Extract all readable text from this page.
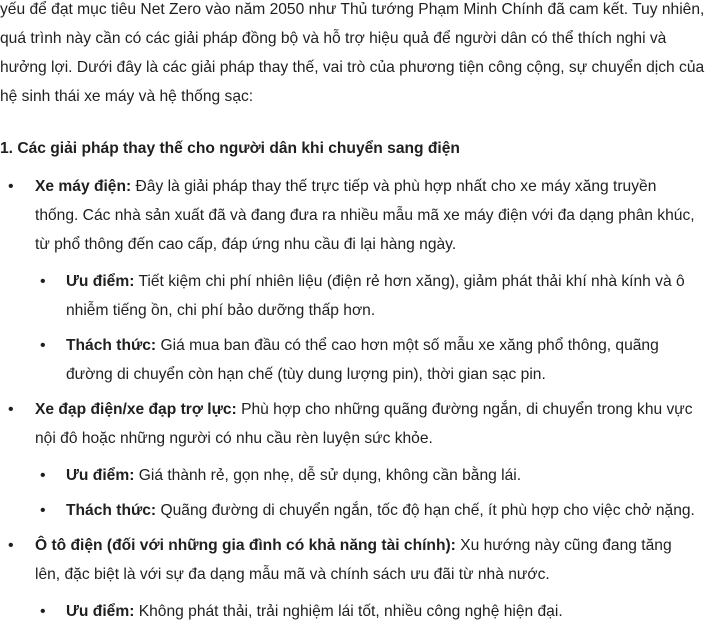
yếu để đạt mục tiêu Net Zero vào năm 2050 như Thủ tướng Phạm Minh Chính đã cam kết. Tuy nhiên, quá trình này cần có các giải pháp đồng bộ và hỗ trợ hiệu quả để người dân có thể thích nghi và hưởng lợi. Dưới đây là các giải pháp thay thế, vai trò của phương tiện công cộng, sự chuyển dịch của hệ sinh thái xe máy và hệ thống sạc:

1. Các giải pháp thay thế cho người dân khi chuyển sang điện

• Xe máy điện: Đây là giải pháp thay thế trực tiếp và phù hợp nhất cho xe máy xăng truyền thống. Các nhà sản xuất đã và đang đưa ra nhiều mẫu mã xe máy điện với đa dạng phân khúc, từ phổ thông đến cao cấp, đáp ứng nhu cầu đi lại hàng ngày.
• Ưu điểm: Tiết kiệm chi phí nhiên liệu (điện rẻ hơn xăng), giảm phát thải khí nhà kính và ô nhiễm tiếng ồn, chi phí bảo dưỡng thấp hơn.
• Thách thức: Giá mua ban đầu có thể cao hơn một số mẫu xe xăng phổ thông, quãng đường di chuyển còn hạn chế (tùy dung lượng pin), thời gian sạc pin.
• Xe đạp điện/xe đạp trợ lực: Phù hợp cho những quãng đường ngắn, di chuyển trong khu vực nội đô hoặc những người có nhu cầu rèn luyện sức khỏe.
• Ưu điểm: Giá thành rẻ, gọn nhẹ, dễ sử dụng, không cần bằng lái.
• Thách thức: Quãng đường di chuyển ngắn, tốc độ hạn chế, ít phù hợp cho việc chở nặng.
• Ô tô điện (đối với những gia đình có khả năng tài chính): Xu hướng này cũng đang tăng lên, đặc biệt là với sự đa dạng mẫu mã và chính sách ưu đãi từ nhà nước.
• Ưu điểm: Không phát thải, trải nghiệm lái tốt, nhiều công nghệ hiện đại.
